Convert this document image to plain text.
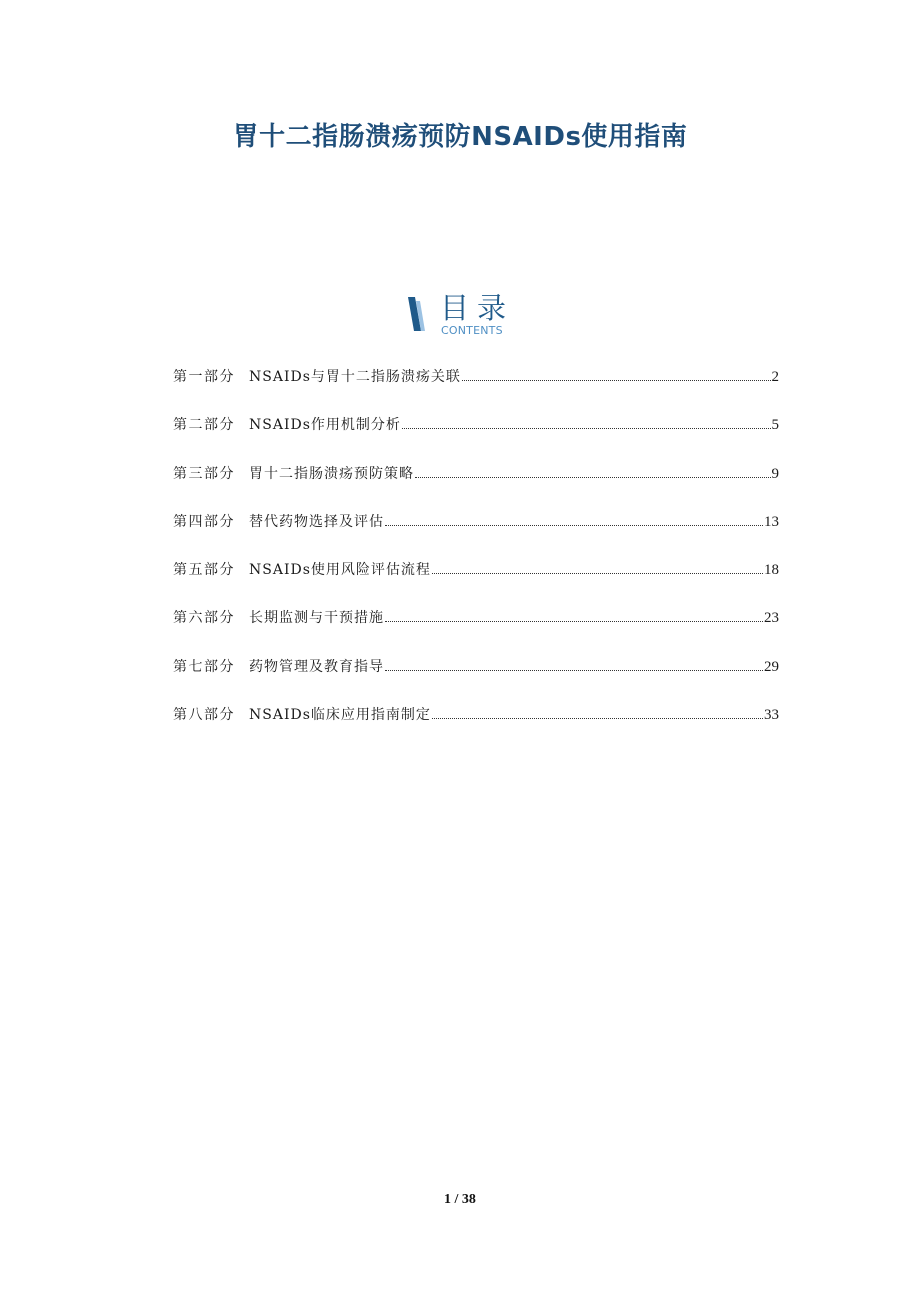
胃十二指肠溃疡预防NSAIDs使用指南
目录
CONTENTS
第一部分	NSAIDs与胃十二指肠溃疡关联	2
第二部分	NSAIDs作用机制分析	5
第三部分	胃十二指肠溃疡预防策略	9
第四部分	替代药物选择及评估	13
第五部分	NSAIDs使用风险评估流程	18
第六部分	长期监测与干预措施	23
第七部分	药物管理及教育指导	29
第八部分	NSAIDs临床应用指南制定	33
1 / 38
